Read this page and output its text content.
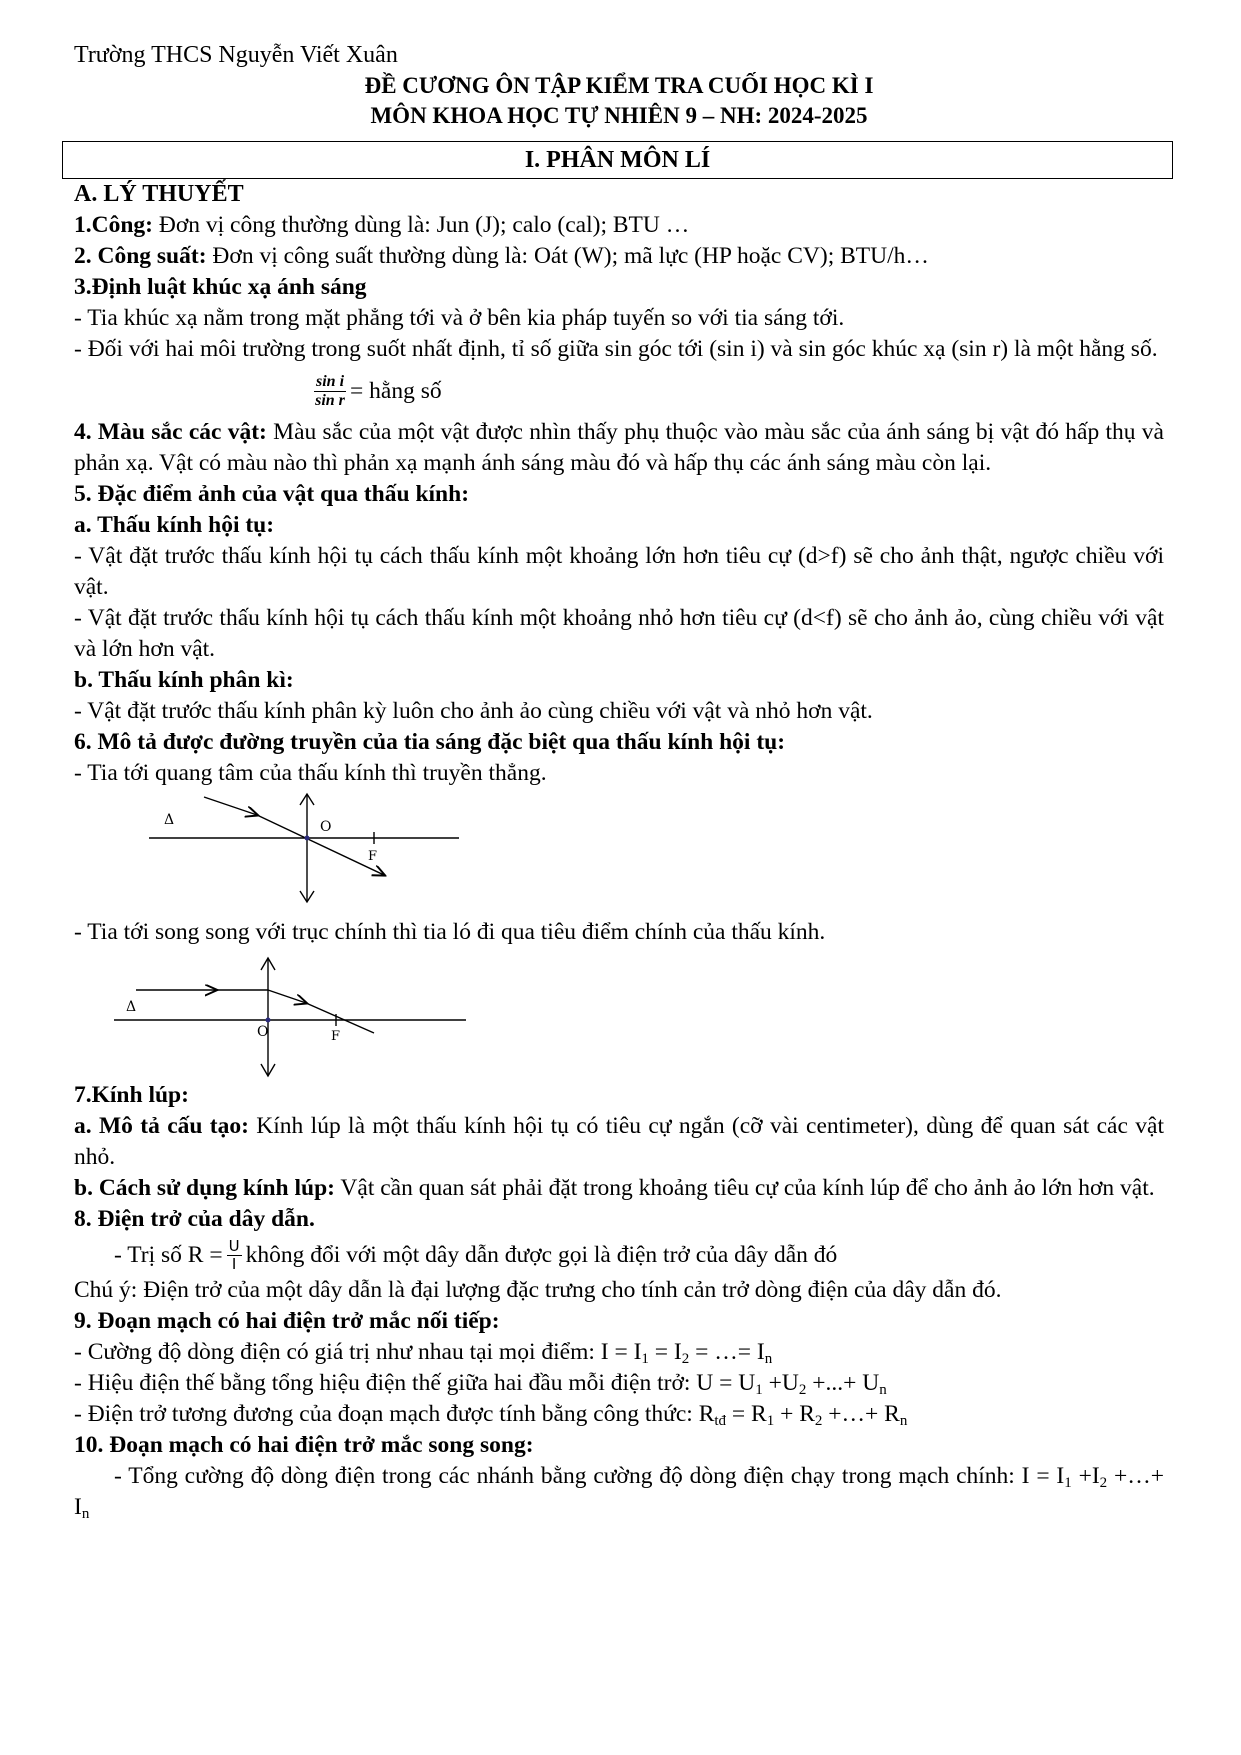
Trường THCS Nguyễn Viết Xuân
ĐỀ CƯƠNG ÔN TẬP KIỂM TRA CUỐI HỌC KÌ I
MÔN KHOA HỌC TỰ NHIÊN 9 – NH: 2024-2025
I. PHÂN MÔN LÍ
A. LÝ THUYẾT
1.Công: Đơn vị công thường dùng là: Jun (J); calo (cal); BTU …
2. Công suất: Đơn vị công suất thường dùng là: Oát (W); mã lực (HP hoặc CV); BTU/h…
3.Định luật khúc xạ ánh sáng
- Tia khúc xạ nằm trong mặt phẳng tới và ở bên kia pháp tuyến so với tia sáng tới.
- Đối với hai môi trường trong suốt nhất định, tỉ số giữa sin góc tới (sin i) và sin góc khúc xạ (sin r) là một hằng số.
$\frac{\text{sin i}}{\text{sin r}}$ = hằng số
4. Màu sắc các vật: Màu sắc của một vật được nhìn thấy phụ thuộc vào màu sắc của ánh sáng bị vật đó hấp thụ và phản xạ. Vật có màu nào thì phản xạ mạnh ánh sáng màu đó và hấp thụ các ánh sáng màu còn lại.
5. Đặc điểm ảnh của vật qua thấu kính:
a. Thấu kính hội tụ:
- Vật đặt trước thấu kính hội tụ cách thấu kính một khoảng lớn hơn tiêu cự (d>f) sẽ cho ảnh thật, ngược chiều với vật.
- Vật đặt trước thấu kính hội tụ cách thấu kính một khoảng nhỏ hơn tiêu cự (d<f) sẽ cho ảnh ảo, cùng chiều với vật và lớn hơn vật.
b. Thấu kính phân kì:
- Vật đặt trước thấu kính phân kỳ luôn cho ảnh ảo cùng chiều với vật và nhỏ hơn vật.
6. Mô tả được đường truyền của tia sáng đặc biệt qua thấu kính hội tụ:
- Tia tới quang tâm của thấu kính thì truyền thẳng.
Δ	O
F
- Tia tới song song với trục chính thì tia ló đi qua tiêu điểm chính của thấu kính.
Δ
O	F
7.Kính lúp:
a. Mô tả cấu tạo: Kính lúp là một thấu kính hội tụ có tiêu cự ngắn (cỡ vài centimeter), dùng để quan sát các vật nhỏ.
b. Cách sử dụng kính lúp: Vật cần quan sát phải đặt trong khoảng tiêu cự của kính lúp để cho ảnh ảo lớn hơn vật.
8. Điện trở của dây dẫn.
- Trị số $R = \frac{U}{I}$ không đổi với một dây dẫn được gọi là điện trở của dây dẫn đó
Chú ý: Điện trở của một dây dẫn là đại lượng đặc trưng cho tính cản trở dòng điện của dây dẫn đó.
9. Đoạn mạch có hai điện trở mắc nối tiếp:
- Cường độ dòng điện có giá trị như nhau tại mọi điểm: $I = I_1 = I_2$ = …= $I_n$
- Hiệu điện thế bằng tổng hiệu điện thế giữa hai đầu mỗi điện trở: $U = U_1 +U_2$ +...+ $U_n$
- Điện trở tương đương của đoạn mạch được tính bằng công thức: $R_{tđ} = R_1 + R_2$ +…+ $R_n$
10. Đoạn mạch có hai điện trở mắc song song:
- Tổng cường độ dòng điện trong các nhánh bằng cường độ dòng điện chạy trong mạch chính: $I = I_1 +I_2$ +…+ $I_n$
